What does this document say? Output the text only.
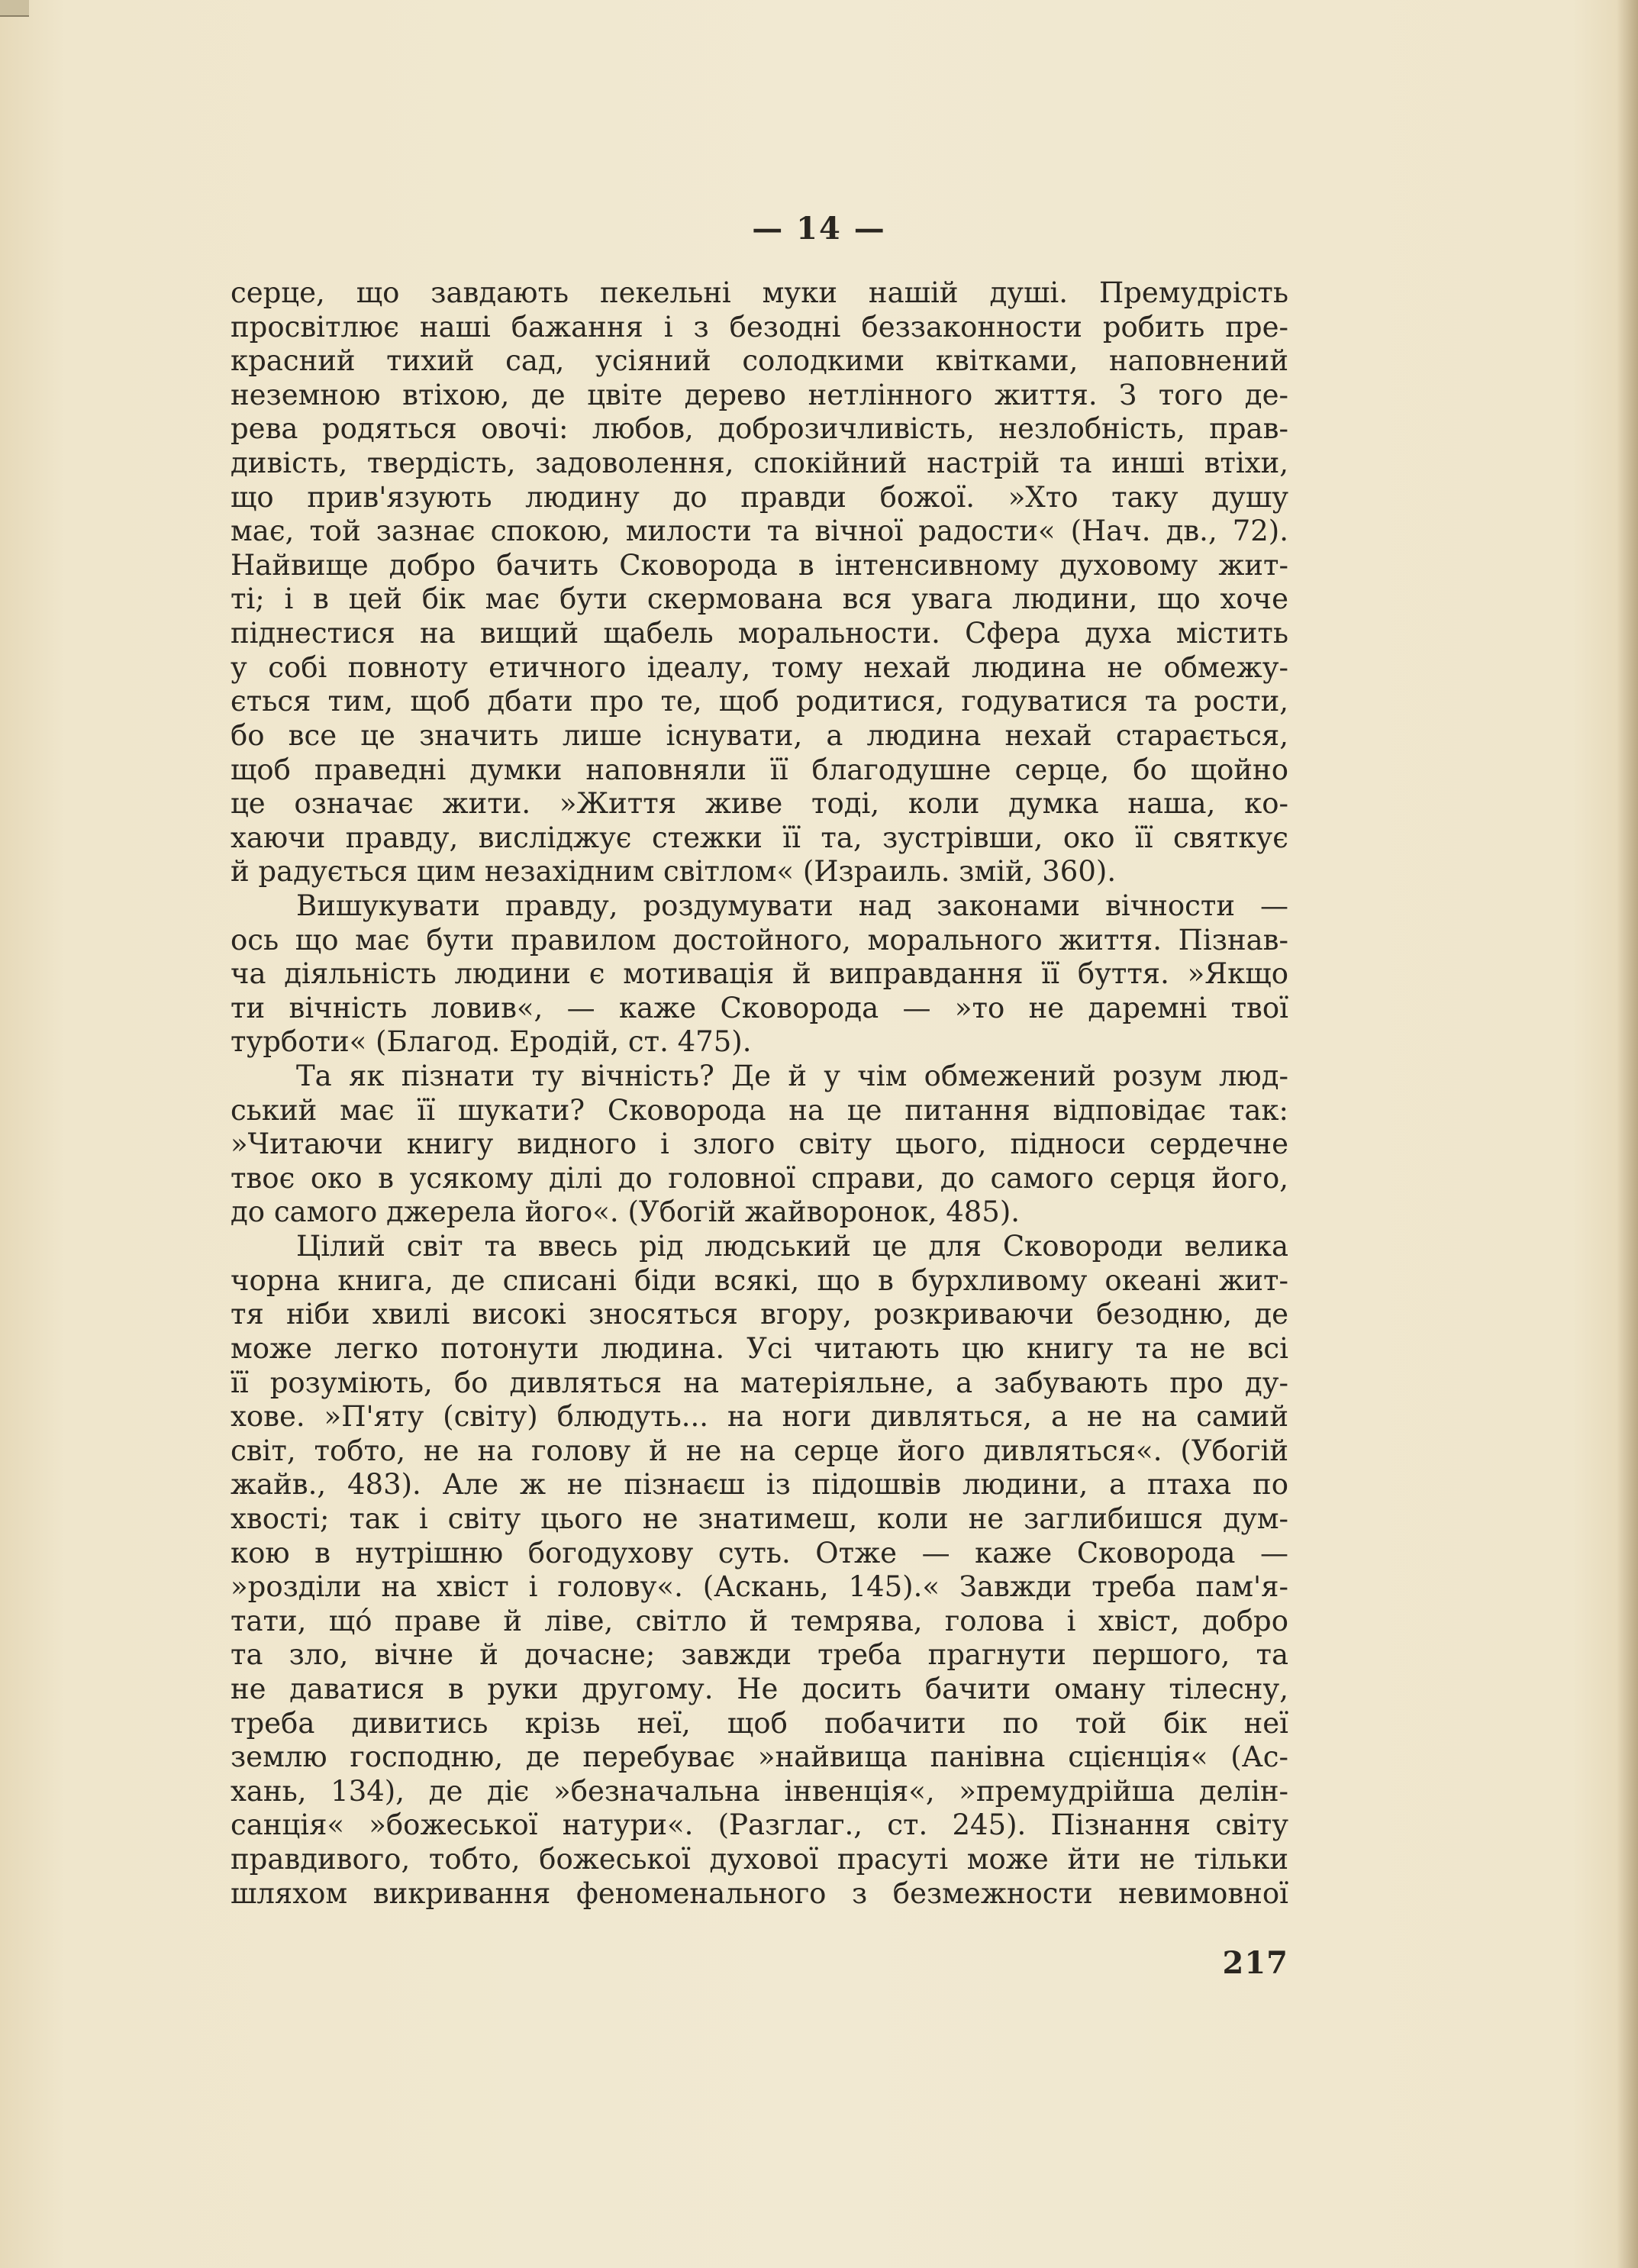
— 14 —
серце, що завдають пекельні муки нашій душі. Премудрість
просвітлює наші бажання і з безодні беззаконности робить пре-
красний тихий сад, усіяний солодкими квітками, наповнений
неземною втіхою, де цвіте дерево нетлінного життя. З того де-
рева родяться овочі: любов, доброзичливість, незлобність, прав-
дивість, твердість, задоволення, спокійний настрій та инші втіхи,
що прив'язують людину до правди божої. »Хто таку душу
має, той зазнає спокою, милости та вічної радости« (Нач. дв., 72).
Найвище добро бачить Сковорода в інтенсивному духовому жит-
ті; і в цей бік має бути скермована вся увага людини, що хоче
піднестися на вищий щабель моральности. Сфера духа містить
у собі повноту етичного ідеалу, тому нехай людина не обмежу-
ється тим, щоб дбати про те, щоб родитися, годуватися та рости,
бо все це значить лише існувати, а людина нехай старається,
щоб праведні думки наповняли її благодушне серце, бо щойно
це означає жити. »Життя живе тоді, коли думка наша, ко-
хаючи правду, висліджує стежки її та, зустрівши, око її святкує
й радується цим незахідним світлом« (Израиль. змій, 360).
Вишукувати правду, роздумувати над законами вічности —
ось що має бути правилом достойного, морального життя. Пізнав-
ча діяльність людини є мотивація й виправдання її буття. »Якщо
ти вічність ловив«, — каже Сковорода — »то не даремні твої
турботи« (Благод. Еродій, ст. 475).
Та як пізнати ту вічність? Де й у чім обмежений розум люд-
ський має її шукати? Сковорода на це питання відповідає так:
»Читаючи книгу видного і злого світу цього, підноси сердечне
твоє око в усякому ділі до головної справи, до самого серця його,
до самого джерела його«. (Убогій жайворонок, 485).
Цілий світ та ввесь рід людський це для Сковороди велика
чорна книга, де списані біди всякі, що в бурхливому океані жит-
тя ніби хвилі високі зносяться вгору, розкриваючи безодню, де
може легко потонути людина. Усі читають цю книгу та не всі
її розуміють, бо дивляться на матеріяльне, а забувають про ду-
хове. »П'яту (світу) блюдуть... на ноги дивляться, а не на самий
світ, тобто, не на голову й не на серце його дивляться«. (Убогій
жайв., 483). Але ж не пізнаєш із підошвів людини, а птаха по
хвості; так і світу цього не знатимеш, коли не заглибишся дум-
кою в нутрішню богодухову суть. Отже — каже Сковорода —
»розділи на хвіст і голову«. (Аскань, 145).« Завжди треба пам'я-
тати, щó праве й ліве, світло й темрява, голова і хвіст, добро
та зло, вічне й дочасне; завжди треба прагнути першого, та
не даватися в руки другому. Не досить бачити оману тілесну,
треба дивитись крізь неї, щоб побачити по той бік неї
землю господню, де перебуває »найвища панівна сцієнція« (Ас-
хань, 134), де діє »безначальна інвенція«, »премудрійша делін-
санція« »божеської натури«. (Разглаг., ст. 245). Пізнання світу
правдивого, тобто, божеської духової прасуті може йти не тільки
шляхом викривання феноменального з безмежности невимовної
217
